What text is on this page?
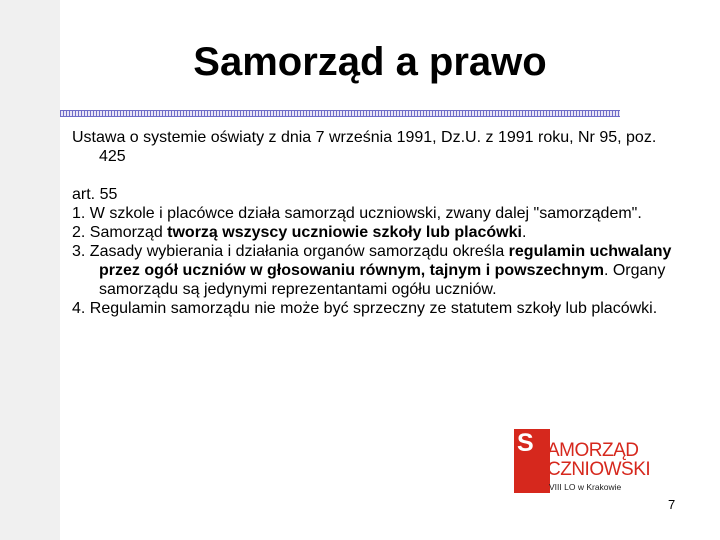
Samorząd a prawo

Ustawa o systemie oświaty z dnia 7 września 1991, Dz.U. z 1991 roku, Nr 95, poz. 425

art. 55

1. W szkole i placówce działa samorząd uczniowski, zwany dalej "samorządem".

2. Samorząd tworzą wszyscy uczniowie szkoły lub placówki.

3. Zasady wybierania i działania organów samorządu określa regulamin uchwalany przez ogół uczniów w głosowaniu równym, tajnym i powszechnym. Organy samorządu są jedynymi reprezentantami ogółu uczniów.

4. Regulamin samorządu nie może być sprzeczny ze statutem szkoły lub placówki.

S AMORZĄD
CZNIOWSKI
VIII LO w Krakowie
7
